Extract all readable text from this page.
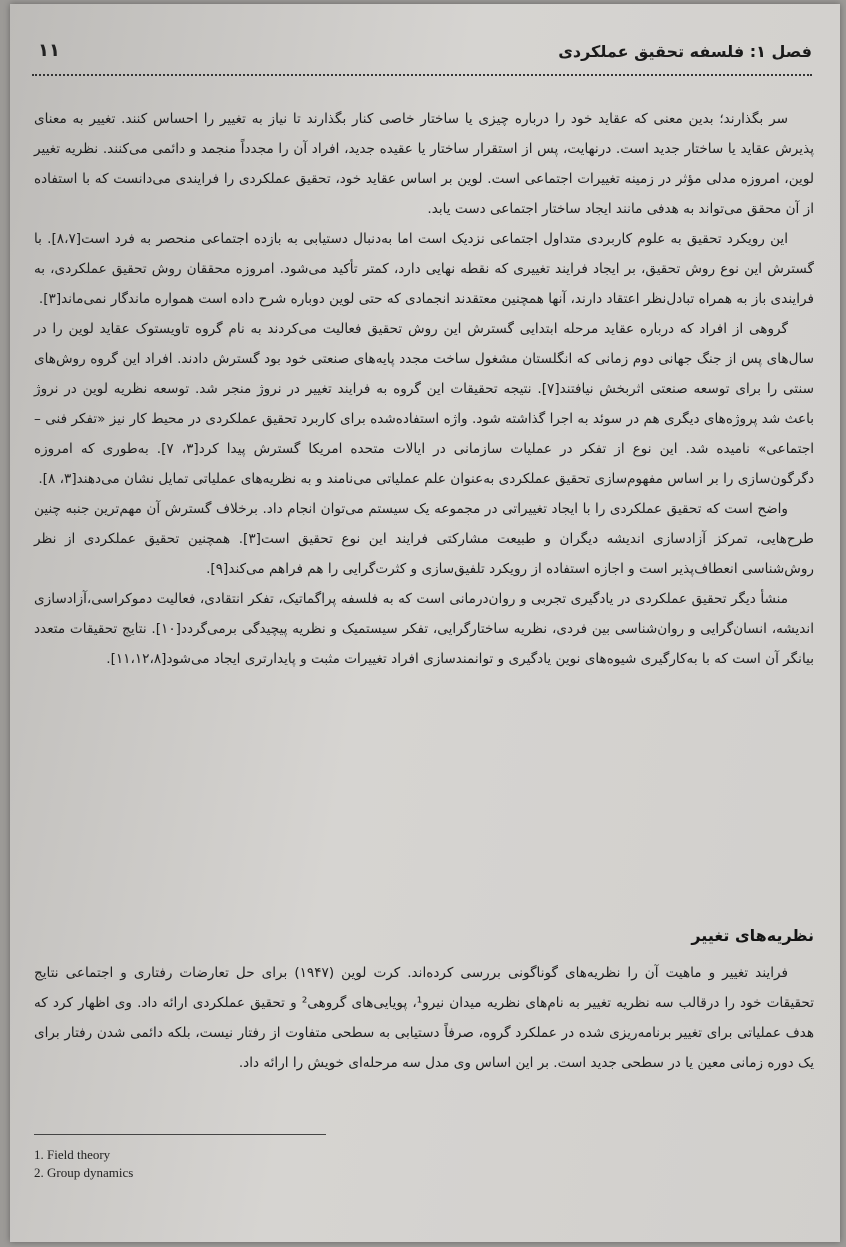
۱۱	فصل ۱: فلسفه تحقیق عملکردی

سر بگذارند؛ بدین معنی که عقاید خود را درباره چیزی یا ساختار خاصی کنار بگذارند تا نیاز به تغییر را احساس کنند. تغییر به معنای پذیرش عقاید یا ساختار جدید است. درنهایت، پس از استقرار ساختار یا عقیده جدید، افراد آن را مجدداً منجمد و دائمی می‌کنند. نظریه تغییر لوین، امروزه مدلی مؤثر در زمینه تغییرات اجتماعی است. لوین بر اساس عقاید خود، تحقیق عملکردی را فرایندی می‌دانست که با استفاده از آن محقق می‌تواند به هدفی مانند ایجاد ساختار اجتماعی دست یابد.

این رویکرد تحقیق به علوم کاربردی متداول اجتماعی نزدیک است اما به‌دنبال دستیابی به بازده اجتماعی منحصر به فرد است[۸،۷]. با گسترش این نوع روش تحقیق، بر ایجاد فرایند تغییری که نقطه نهایی دارد، کمتر تأکید می‌شود. امروزه محققان روش تحقیق عملکردی، به فرایندی باز به همراه تبادل‌نظر اعتقاد دارند، آنها همچنین معتقدند انجمادی که حتی لوین دوباره شرح داده است همواره ماندگار نمی‌ماند[۳].

گروهی از افراد که درباره عقاید مرحله ابتدایی گسترش این روش تحقیق فعالیت می‌کردند به نام گروه تاویستوک عقاید لوین را در سال‌های پس از جنگ جهانی دوم زمانی که انگلستان مشغول ساخت مجدد پایه‌های صنعتی خود بود گسترش دادند. افراد این گروه روش‌های سنتی را برای توسعه صنعتی اثربخش نیافتند[۷]. نتیجه تحقیقات این گروه به فرایند تغییر در نروژ منجر شد. توسعه نظریه لوین در نروژ باعث شد پروژه‌های دیگری هم در سوئد به اجرا گذاشته شود. واژه استفاده‌شده برای کاربرد تحقیق عملکردی در محیط کار نیز «تفکر فنی – اجتماعی» نامیده شد. این نوع از تفکر در عملیات سازمانی در ایالات متحده امریکا گسترش پیدا کرد[۳، ۷]. به‌طوری که امروزه دگرگون‌سازی را بر اساس مفهوم‌سازی تحقیق عملکردی به‌عنوان علم عملیاتی می‌نامند و به نظریه‌های عملیاتی تمایل نشان می‌دهند[۳، ۸].

واضح است که تحقیق عملکردی را با ایجاد تغییراتی در مجموعه یک سیستم می‌توان انجام داد. برخلاف گسترش آن مهم‌ترین جنبه چنین طرح‌هایی، تمرکز آزادسازی اندیشه دیگران و طبیعت مشارکتی فرایند این نوع تحقیق است[۳]. همچنین تحقیق عملکردی از نظر روش‌شناسی انعطاف‌پذیر است و اجازه استفاده از رویکرد تلفیق‌سازی و کثرت‌گرایی را هم فراهم می‌کند[۹].

منشأ دیگر تحقیق عملکردی در یادگیری تجربی و روان‌درمانی است که به فلسفه پراگماتیک، تفکر انتقادی، فعالیت دموکراسی،آزادسازی اندیشه، انسان‌گرایی و روان‌شناسی بین فردی، نظریه ساختارگرایی، تفکر سیستمیک و نظریه پیچیدگی برمی‌گردد[۱۰]. نتایج تحقیقات متعدد بیانگر آن است که با به‌کارگیری شیوه‌های نوین یادگیری و توانمندسازی افراد تغییرات مثبت و پایدارتری ایجاد می‌شود[۱۱،۱۲،۸].

نظریه‌های تغییر

فرایند تغییر و ماهیت آن را نظریه‌های گوناگونی بررسی کرده‌اند. کرت لوین (۱۹۴۷) برای حل تعارضات رفتاری و اجتماعی نتایج تحقیقات خود را درقالب سه نظریه تغییر به نام‌های نظریه میدان نیرو¹، پویایی‌های گروهی² و تحقیق عملکردی ارائه داد. وی اظهار کرد که هدف عملیاتی برای تغییر برنامه‌ریزی شده در عملکرد گروه، صرفاً دستیابی به سطحی متفاوت از رفتار نیست، بلکه دائمی شدن رفتار برای یک دوره زمانی معین یا در سطحی جدید است. بر این اساس وی مدل سه مرحله‌ای خویش را ارائه داد.

1. Field theory
2. Group dynamics
